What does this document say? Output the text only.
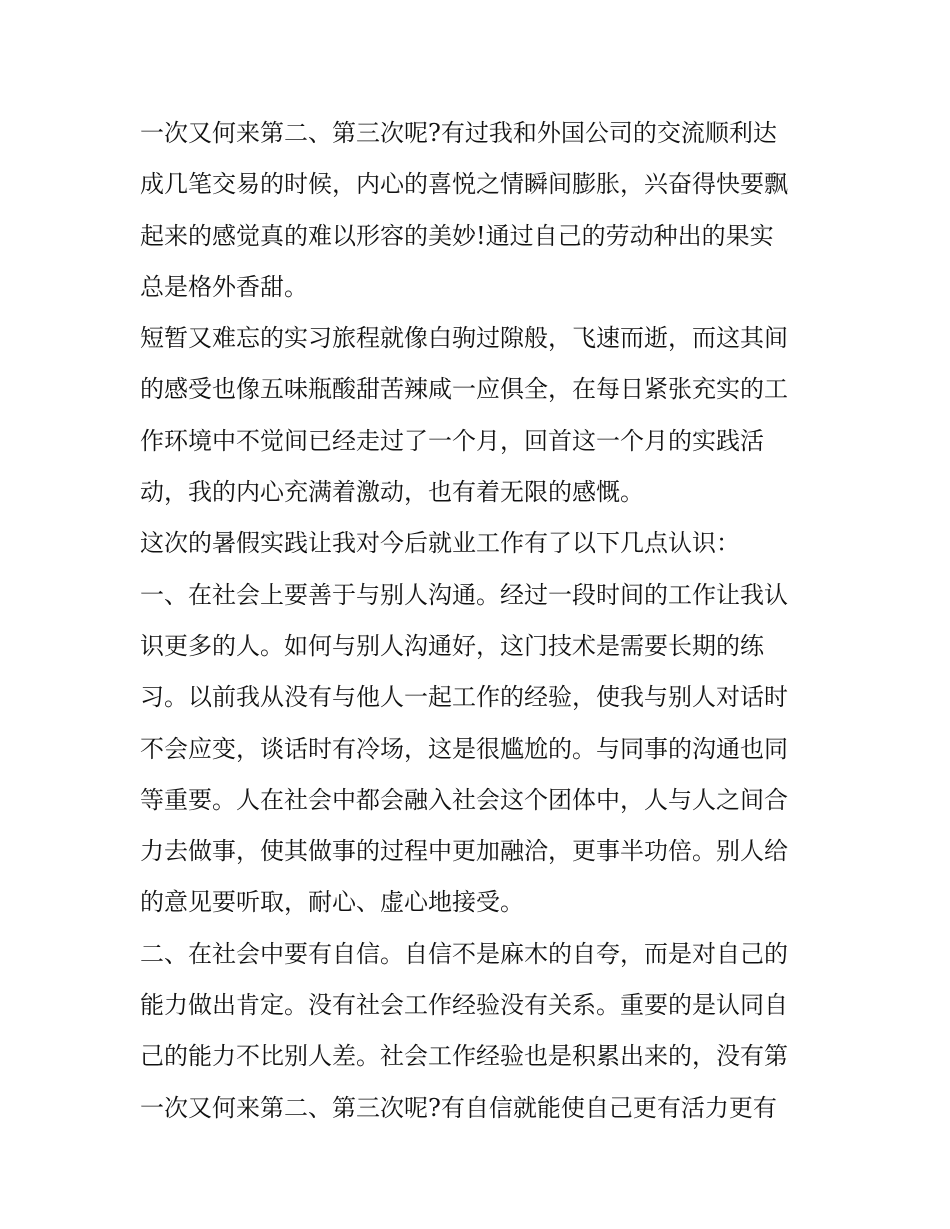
一次又何来第二、第三次呢?有过我和外国公司的交流顺利达
成几笔交易的时候，内心的喜悦之情瞬间膨胀，兴奋得快要飘
起来的感觉真的难以形容的美妙!通过自己的劳动种出的果实
总是格外香甜。
短暂又难忘的实习旅程就像白驹过隙般，飞速而逝，而这其间
的感受也像五味瓶酸甜苦辣咸一应俱全，在每日紧张充实的工
作环境中不觉间已经走过了一个月，回首这一个月的实践活
动，我的内心充满着激动，也有着无限的感慨。
这次的暑假实践让我对今后就业工作有了以下几点认识：
一、在社会上要善于与别人沟通。经过一段时间的工作让我认
识更多的人。如何与别人沟通好，这门技术是需要长期的练
习。以前我从没有与他人一起工作的经验，使我与别人对话时
不会应变，谈话时有冷场，这是很尴尬的。与同事的沟通也同
等重要。人在社会中都会融入社会这个团体中，人与人之间合
力去做事，使其做事的过程中更加融洽，更事半功倍。别人给
的意见要听取，耐心、虚心地接受。
二、在社会中要有自信。自信不是麻木的自夸，而是对自己的
能力做出肯定。没有社会工作经验没有关系。重要的是认同自
己的能力不比别人差。社会工作经验也是积累出来的，没有第
一次又何来第二、第三次呢?有自信就能使自己更有活力更有
